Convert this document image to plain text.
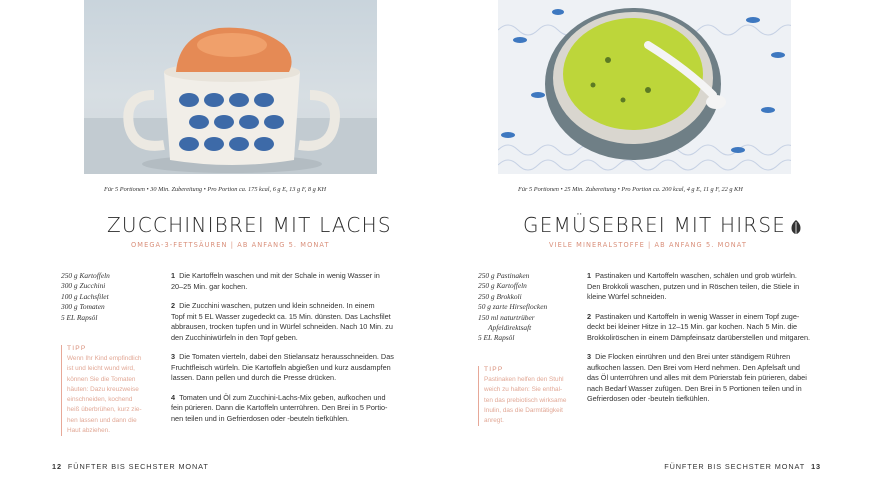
Für 5 Portionen • 30 Min. Zubereitung • Pro Portion ca. 175 kcal, 6 g E, 13 g F, 8 g KH
ZUCCHINIBREI MIT LACHS
OMEGA-3-FETTSÄUREN | AB ANFANG 5. MONAT
250 g Kartoffeln
300 g Zucchini
100 g Lachsfilet
300 g Tomaten
5 EL Rapsöl
TIPP
Wenn Ihr Kind empfindlich
ist und leicht wund wird,
können Sie die Tomaten
häuten: Dazu kreuzweise
einschneiden, kochend
heiß überbrühen, kurz zie-
hen lassen und dann die
Haut abziehen.
1 Die Kartoffeln waschen und mit der Schale in wenig Wasser in
20–25 Min. gar kochen.
2 Die Zucchini waschen, putzen und klein schneiden. In einem
Topf mit 5 EL Wasser zugedeckt ca. 15 Min. dünsten. Das Lachsfilet
abbrausen, trocken tupfen und in Würfel schneiden. Nach 10 Min. zu
den Zucchiniwürfeln in den Topf geben.
3 Die Tomaten vierteln, dabei den Stielansatz herausschneiden. Das
Fruchtfleisch würfeln. Die Kartoffeln abgießen und kurz ausdampfen
lassen. Dann pellen und durch die Presse drücken.
4 Tomaten und Öl zum Zucchini-Lachs-Mix geben, aufkochen und
fein pürieren. Dann die Kartoffeln unterrühren. Den Brei in 5 Portio-
nen teilen und in Gefrierdosen oder -beuteln tiefkühlen.
12 FÜNFTER BIS SECHSTER MONAT
Für 5 Portionen • 25 Min. Zubereitung • Pro Portion ca. 200 kcal, 4 g E, 11 g F, 22 g KH
GEMÜSEBREI MIT HIRSE
VIELE MINERALSTOFFE | AB ANFANG 5. MONAT
250 g Pastinaken
250 g Kartoffeln
250 g Brokkoli
50 g zarte Hirseflocken
150 ml naturtrüber
Apfeldirektsaft
5 EL Rapsöl
TIPP
Pastinaken helfen den Stuhl
weich zu halten: Sie enthal-
ten das prebiotisch wirksame
Inulin, das die Darmtätigkeit
anregt.
1 Pastinaken und Kartoffeln waschen, schälen und grob würfeln.
Den Brokkoli waschen, putzen und in Röschen teilen, die Stiele in
kleine Würfel schneiden.
2 Pastinaken und Kartoffeln in wenig Wasser in einem Topf zuge-
deckt bei kleiner Hitze in 12–15 Min. gar kochen. Nach 5 Min. die
Brokkoliröschen in einem Dämpfeinsatz darüberstellen und mitgaren.
3 Die Flocken einrühren und den Brei unter ständigem Rühren
aufkochen lassen. Den Brei vom Herd nehmen. Den Apfelsaft und
das Öl unterrühren und alles mit dem Pürierstab fein pürieren, dabei
nach Bedarf Wasser zufügen. Den Brei in 5 Portionen teilen und in
Gefrierdosen oder -beuteln tiefkühlen.
FÜNFTER BIS SECHSTER MONAT 13
